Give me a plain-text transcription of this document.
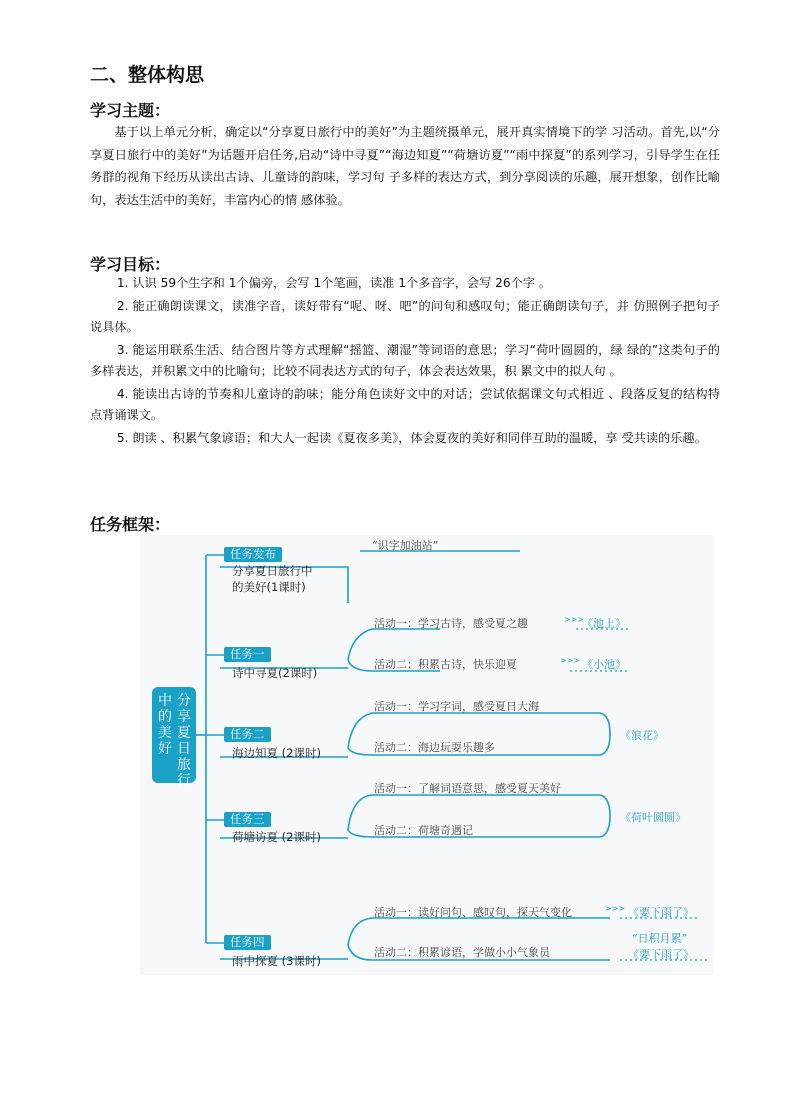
二、整体构思
学习主题：

基于以上单元分析，确定以“分享夏日旅行中的美好”为主题统摄单元，展开真实情境下的学 习活动。首先,以“分享夏日旅行中的美好”为话题开启任务,启动“诗中寻夏”“海边知夏”“荷塘访夏”“雨中探夏”的系列学习，引导学生在任务群的视角下经历从读出古诗、儿童诗的韵味，学习句 子多样的表达方式，到分享阅读的乐趣，展开想象，创作比喻句，表达生活中的美好，丰富内心的情 感体验。

学习目标：

1. 认识 59个生字和 1个偏旁，会写 1个笔画，读准 1个多音字，会写 26个字 。

2. 能正确朗读课文，读准字音，读好带有“呢、呀、吧”的问句和感叹句；能正确朗读句子，并 仿照例子把句子说具体。

3. 能运用联系生活、结合图片等方式理解“摇篮、潮湿”等词语的意思；学习“荷叶圆圆的，绿 绿的”这类句子的多样表达，并积累文中的比喻句；比较不同表达方式的句子，体会表达效果，积 累文中的拟人句 。

4. 能读出古诗的节奏和儿童诗的韵味；能分角色读好文中的对话；尝试依据课文句式相近 、段落反复的结构特点背诵课文。

5. 朗读 、积累气象谚语；和大人一起读《夏夜多美》，体会夏夜的美好和同伴互助的温暖，享 受共读的乐趣。

任务框架：
分享夏日旅行
中的美好
“识字加油站”
任务发布
分享夏日旅行中
的美好(1课时)
任务一
诗中寻夏(2课时)
活动一：学习古诗，感受夏之趣	>>>
《池上》
活动二：积累古诗，快乐迎夏	>>> 《小池》
任务二
海边知夏 (2课时)
活动一：学习字词，感受夏日大海
活动二：海边玩耍乐趣多
《浪花》
任务三
荷塘访夏 (2课时)
活动一：了解词语意思，感受夏天美好
活动二：荷塘奇遇记
《荷叶圆圆》
任务四
雨中探夏 (3课时)
活动一：读好问句、感叹句，探天气变化	>>> 《要下雨了》
活动二：积累谚语，学做小小气象员
“日积月累”
《要下雨了》
